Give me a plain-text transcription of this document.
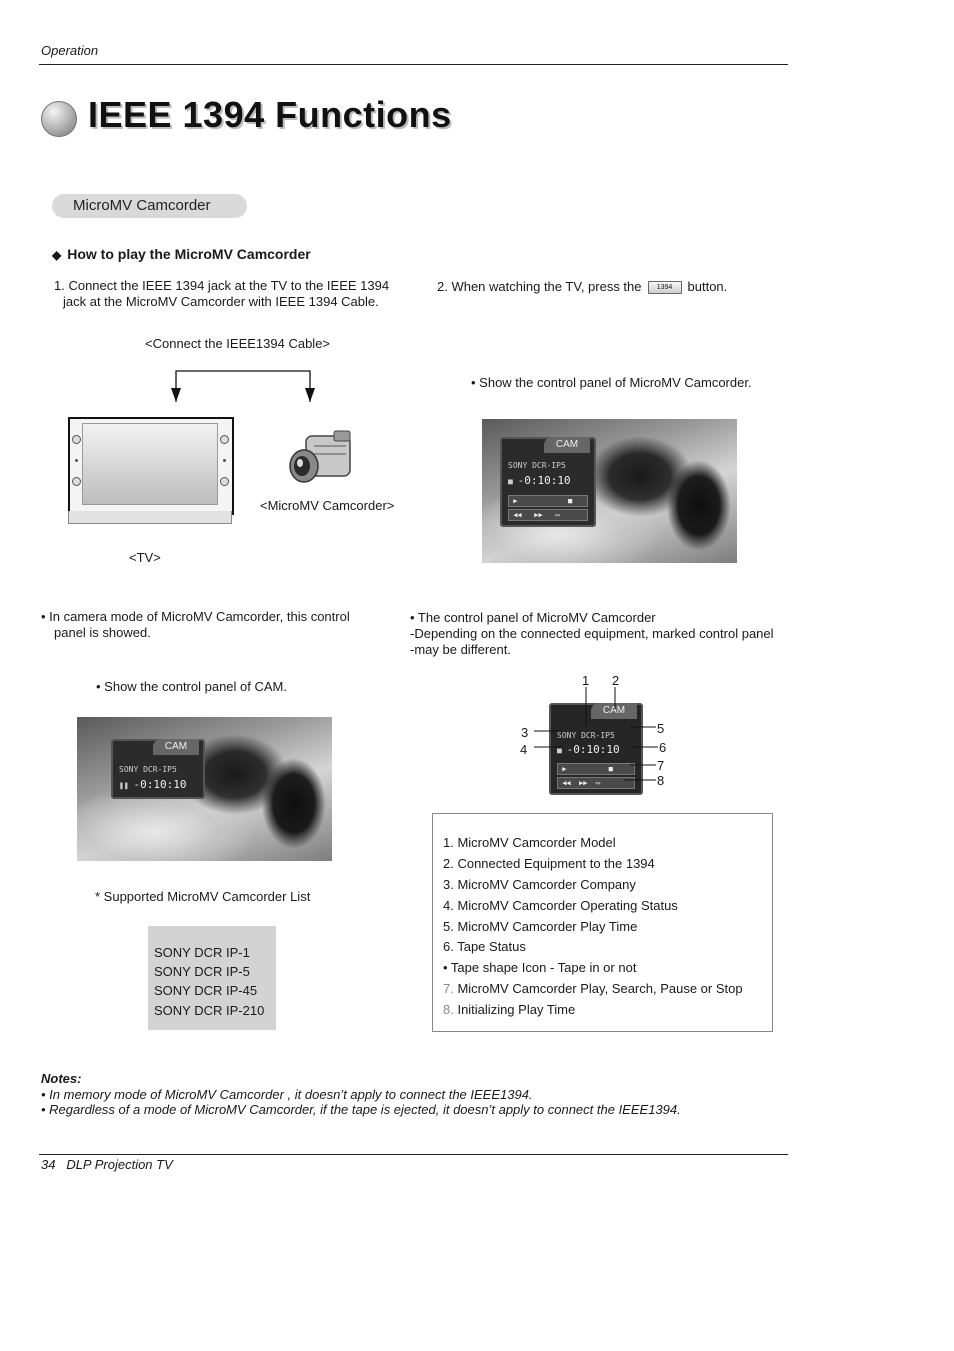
Operation
IEEE 1394 Functions
MicroMV Camcorder
◆ How to play the MicroMV Camcorder
1. Connect the IEEE 1394 jack at the TV to the IEEE 1394
jack at the MicroMV Camcorder with IEEE 1394 Cable.
2. When watching the TV, press the 1394 button.
<Connect the IEEE1394 Cable>
<TV>
<MicroMV Camcorder>
• Show the control panel of MicroMV Camcorder.
CAM
SONY DCR-IP5
■ -0:10:10
▶            ■
◀◀   ▶▶   ▭
• In camera mode of MicroMV Camcorder, this control
panel is showed.
• Show the control panel of CAM.
CAM
SONY DCR-IP5
❚❚ -0:10:10
• The control panel of MicroMV Camcorder
-Depending on the connected equipment, marked control panel
-may be different.
CAM
SONY DCR-IP5
■ -0:10:10
▶          ■
◀◀  ▶▶  ▭
1 2
3
4
5
6
7
8
* Supported MicroMV Camcorder List
SONY DCR IP-1
SONY DCR IP-5
SONY DCR IP-45
SONY DCR IP-210
1. MicroMV Camcorder Model
2. Connected Equipment to the 1394
3. MicroMV Camcorder Company
4. MicroMV Camcorder Operating Status
5. MicroMV Camcorder Play Time
6. Tape Status
• Tape shape Icon - Tape in or not
7. MicroMV Camcorder Play, Search, Pause or Stop
8. Initializing Play Time
Notes:
• In memory mode of MicroMV Camcorder , it doesn’t apply to connect the IEEE1394.
• Regardless of a mode of MicroMV Camcorder, if the tape is ejected, it doesn’t apply to connect the IEEE1394.
34 DLP Projection TV
